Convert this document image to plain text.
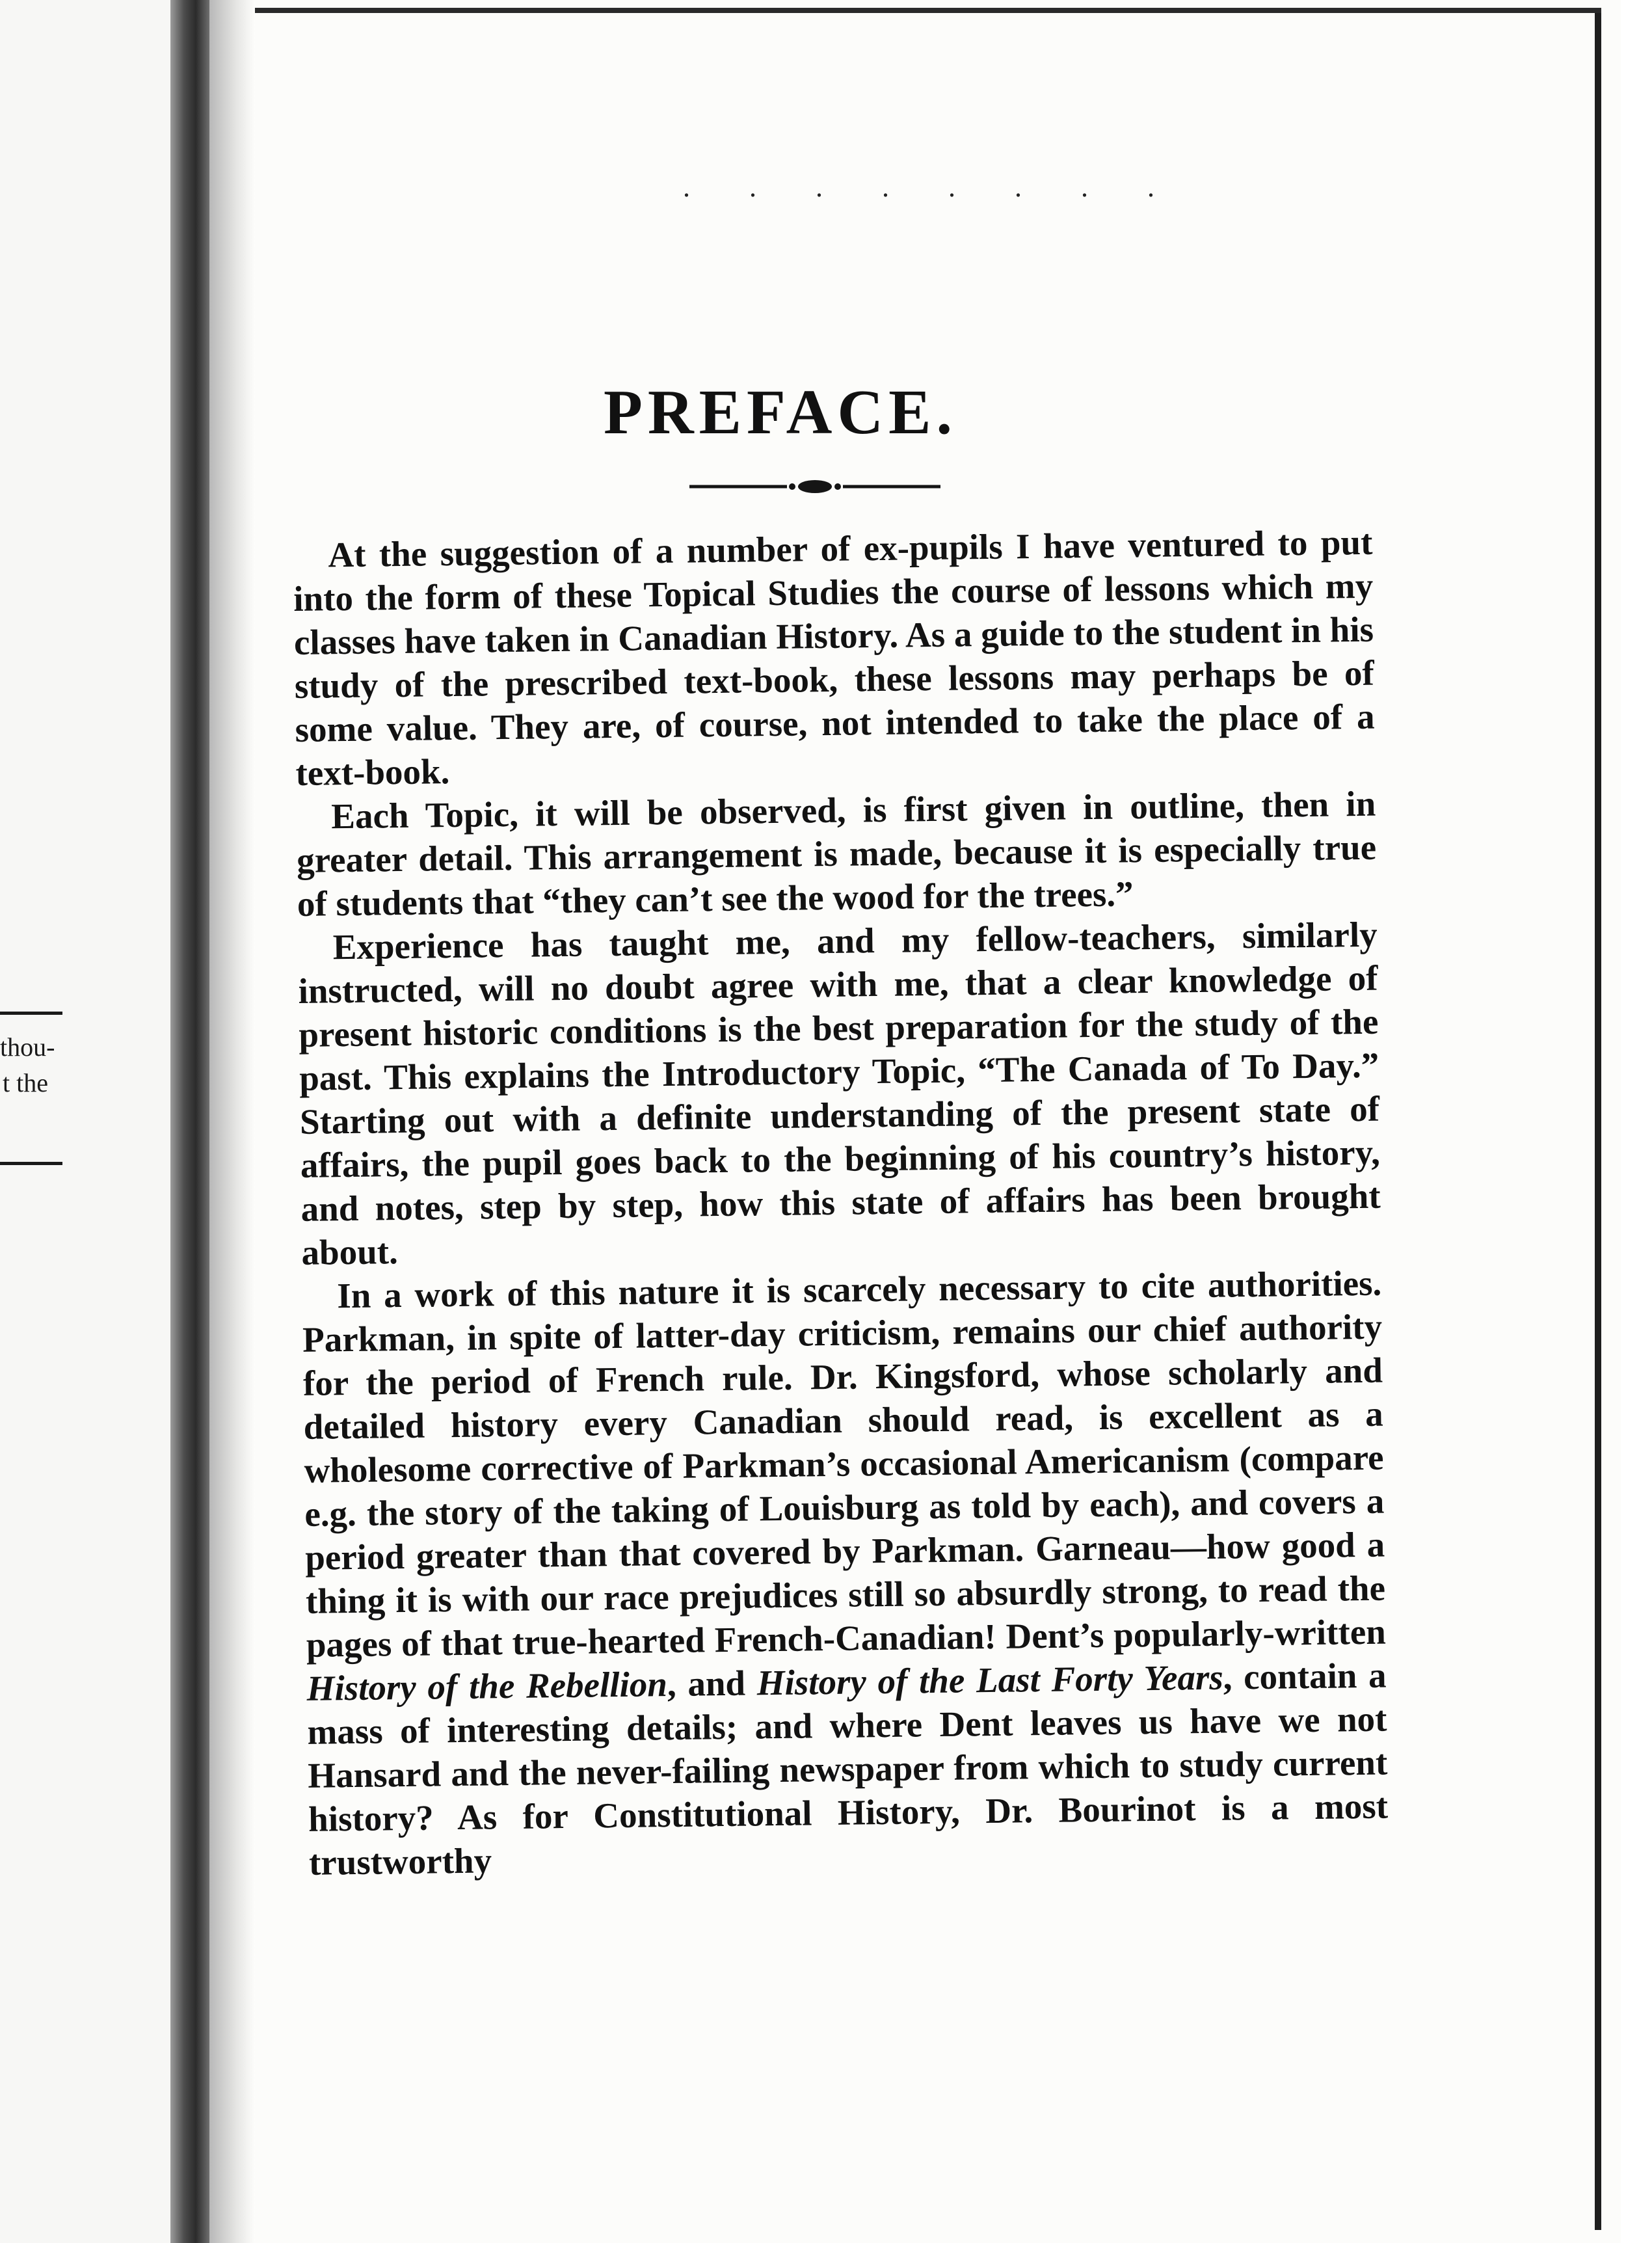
thou-
t the
. . . . . . . .
PREFACE.

At the suggestion of a number of ex-pupils I have ventured to put into the form of these Topical Studies the course of lessons which my classes have taken in Canadian History. As a guide to the student in his study of the prescribed text-book, these lessons may perhaps be of some value. They are, of course, not intended to take the place of a text-book.

Each Topic, it will be observed, is first given in outline, then in greater detail. This arrangement is made, because it is especially true of students that “they can’t see the wood for the trees.”

Experience has taught me, and my fellow-teachers, similarly instructed, will no doubt agree with me, that a clear knowledge of present historic conditions is the best preparation for the study of the past. This explains the Introductory Topic, “The Canada of To Day.” Starting out with a definite understanding of the present state of affairs, the pupil goes back to the beginning of his country’s history, and notes, step by step, how this state of affairs has been brought about.

In a work of this nature it is scarcely necessary to cite authorities. Parkman, in spite of latter-day criticism, remains our chief authority for the period of French rule. Dr. Kingsford, whose scholarly and detailed history every Canadian should read, is excellent as a wholesome corrective of Parkman’s occasional Americanism (compare e.g. the story of the taking of Louisburg as told by each), and covers a period greater than that covered by Parkman. Garneau—how good a thing it is with our race prejudices still so absurdly strong, to read the pages of that true-hearted French-Canadian! Dent’s popularly-written History of the Rebellion, and History of the Last Forty Years, contain a mass of interesting details; and where Dent leaves us have we not Hansard and the never-failing newspaper from which to study current history? As for Constitutional History, Dr. Bourinot is a most trustworthy
